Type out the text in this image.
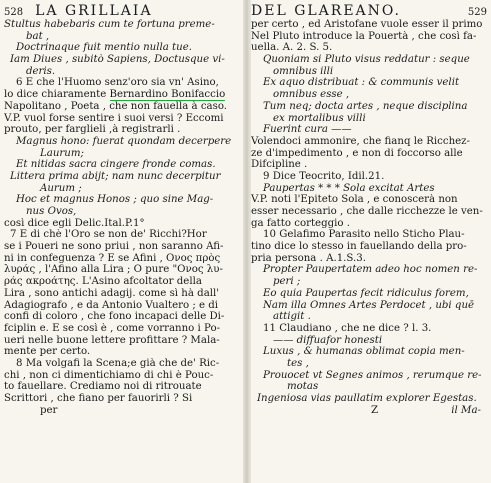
528 LA GRILLAIA
Stultus habebaris cum te fortuna preme-
bat ,
Doctrinaque fuit mentio nulla tue.
Iam Diues , subitò Sapiens, Doctusque vi-
deris.
6 E che l'Huomo senz'oro sia vn' Asino,
lo dice chiaramente Bernardino Bonifaccio
Napolitano , Poeta , che non fauella à caso.
V.P. vuol forse sentire i suoi versi ? Eccomi
prouto, per farglieli ,à registrarli .
Magnus hono: fuerat quondam decerpere
Laurum;
Et nitidas sacra cingere fronde comas.
Littera prima abijt; nam nunc decerpitur
Aurum ;
Hoc et magnus Honos ; quo sine Mag-
nus Ovos,
così dice egli Delic.Ital.P.1°
7 E di chè l'Oro se non de' Ricchi?Hor
se i Poueri ne sono priui , non saranno Afi-
ni in confeguenza ? E se Afini , Ονος πρὸς
λυράς , l'Afino alla Lira ; O pure "Ονος λυ-
ράς ακροάτης. L'Asino afcoltator della
Lira , sono antichi adagij. come sì hà dall'
Adagiografo , e da Antonio Vualtero ; e di
confi di coloro , che fono incapaci delle Di-
fciplin e. E se così è , come vorranno i Po-
ueri nelle buone lettere profittare ? Mala-
mente per certo.
8 Ma volgafi la Scena;e già che de' Ric-
chi , non ci dimentichiamo di chi è Pouc-
to fauellare. Crediamo noi di ritrouate
Scrittori , che fiano per fauorirli ? Si
per
DEL GLAREANO.	529
per certo , ed Aristofane vuole esser il primo
Nel Pluto introduce la Pouertà , che così fa-
uella. A. 2. S. 5.
Quoniam si Pluto visus reddatur : seque
omnibus illi
Ex aquo distribuat : & communis velit
omnibus esse ,
Tum neq; docta artes , neque disciplina
ex mortalibus villi
Fuerint cura ——
Volendoci ammonire, che fianq le Ricchez-
ze d'impedimento , e non di foccorso alle
Difcipline .
9 Dice Teocrito, Idil.21.
Paupertas * * * Sola excitat Artes
V.P. noti l'Epiteto Sola , e conoscerà non
esser necessario , che dalle ricchezze le ven-
ga fatto corteggio .
10 Gelafimo Parasito nello Sticho Plau-
tino dice lo stesso in fauellando della pro-
pria persona . A.1.S.3.
Propter Paupertatem adeo hoc nomen re-
peri ;
Eo quia Paupertas fecit ridiculus forem,
Nam illa Omnes Artes Perdocet , ubi quē
attigit .
11 Claudiano , che ne dice ? l. 3.
—— diffuafor honesti
Luxus , & humanas oblimat copia men-
tes ,
Prouocet vt Segnes animos , rerumque re-
motas
Ingeniosa vias paullatim explorer Egestas.
Z	il Ma-
